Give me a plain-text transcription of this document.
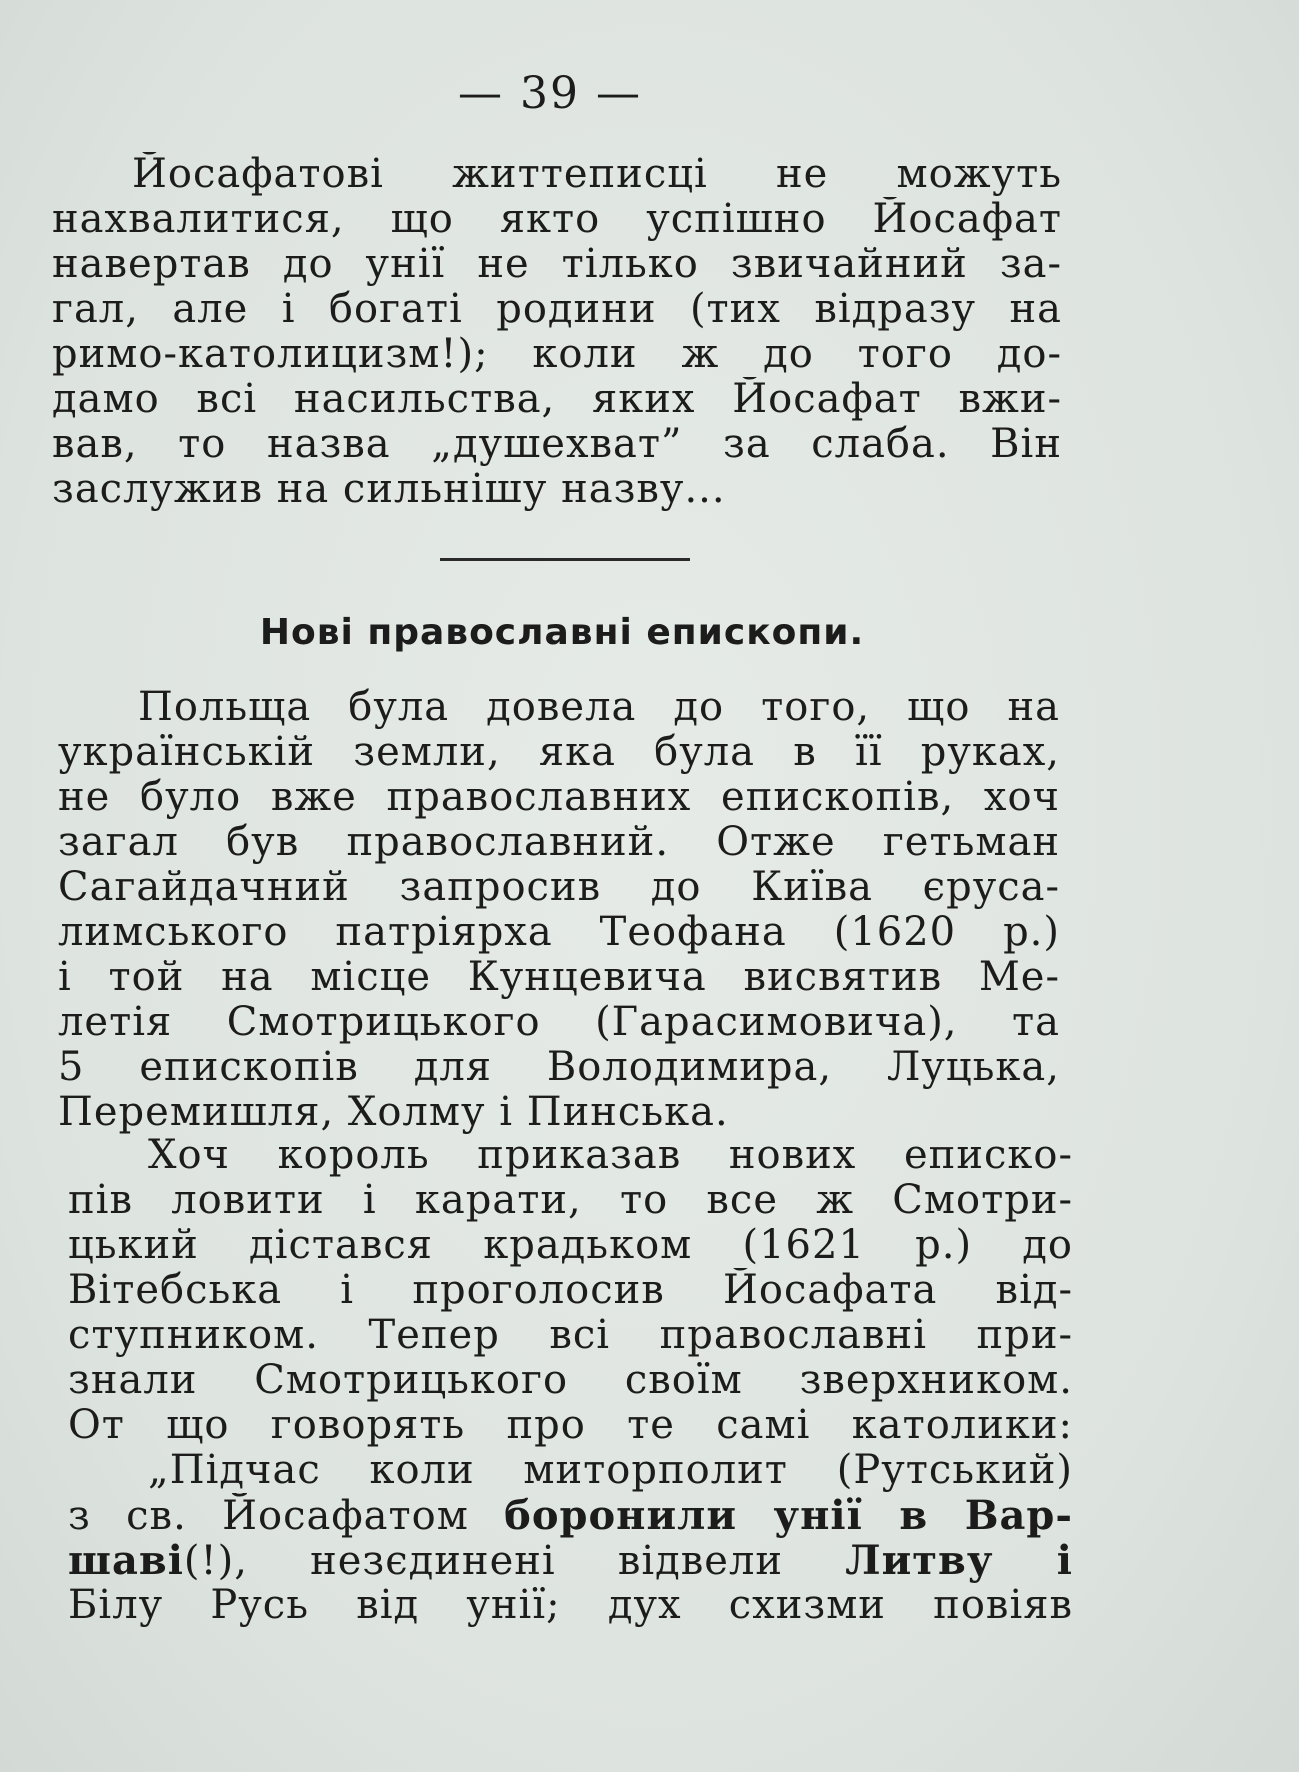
— 39 —
Йосафатові життеписці не можуть
нахвалитися, що якто успішно Йосафат
навертав до унії не тілько звичайний за-
гал, але і богаті родини (тих відразу на
римо-католицизм!); коли ж до того до-
дамо всі насильства, яких Йосафат вжи-
вав, то назва „душехват” за слаба. Він
заслужив на сильнішу назву...
Нові православні епископи.
Польща була довела до того, що на
українській земли, яка була в її руках,
не було вже православних епископів, хоч
загал був православний. Отже гетьман
Сагайдачний запросив до Київа єруса-
лимського патріярха Теофана (1620 р.)
і той на місце Кунцевича висвятив Ме-
летія Смотрицького (Гарасимовича), та
5 епископів для Володимира, Луцька,
Перемишля, Холму і Пинська.
Хоч король приказав нових еписко-
пів ловити і карати, то все ж Смотри-
цький дістався крадьком (1621 р.) до
Вітебська і проголосив Йосафата від-
ступником. Тепер всі православні при-
знали Смотрицького своїм зверхником.
От що говорять про те самі католики:
„Підчас коли миторполит (Рутський)
з св. Йосафатом боронили унії в Вар-
шаві(!), незєдинені відвели Литву і
Білу Русь від унії; дух схизми повіяв
